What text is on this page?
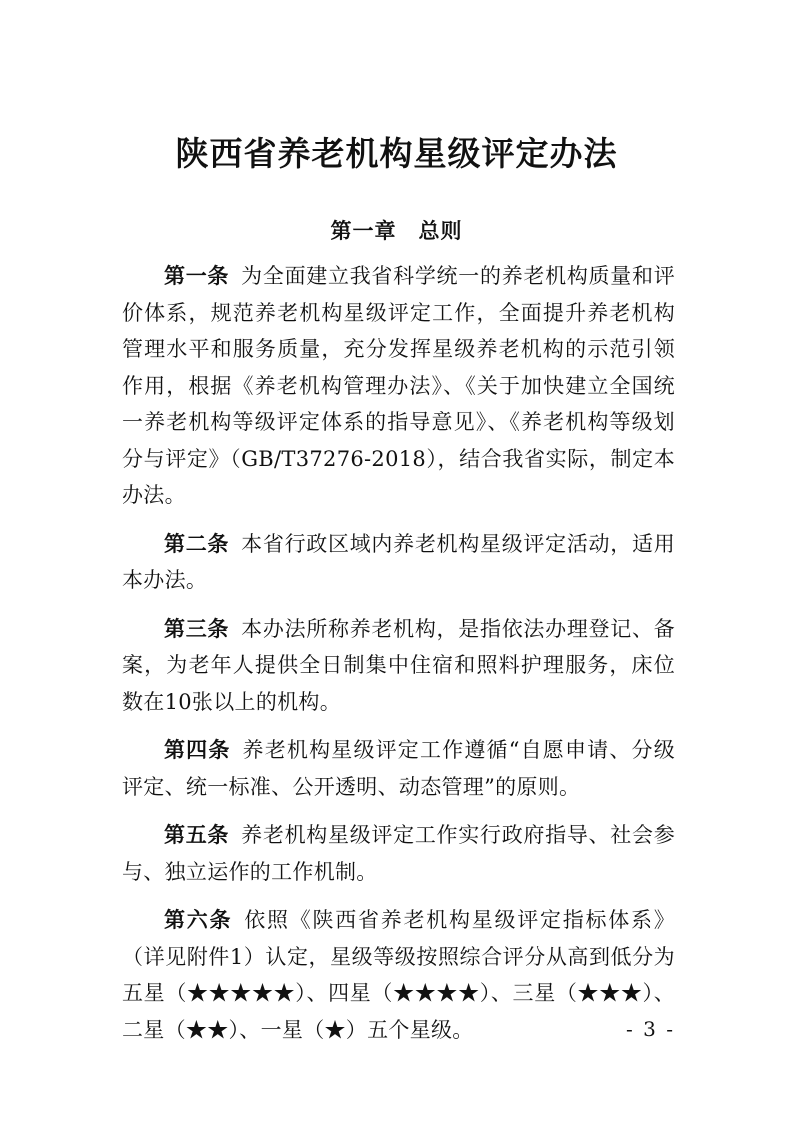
陕西省养老机构星级评定办法
第一章　总则

第一条 为全面建立我省科学统一的养老机构质量和评价体系，规范养老机构星级评定工作，全面提升养老机构管理水平和服务质量，充分发挥星级养老机构的示范引领作用，根据《养老机构管理办法》、《关于加快建立全国统一养老机构等级评定体系的指导意见》、《养老机构等级划分与评定》（GB/T37276-2018），结合我省实际，制定本办法。

第二条 本省行政区域内养老机构星级评定活动，适用本办法。

第三条 本办法所称养老机构，是指依法办理登记、备案，为老年人提供全日制集中住宿和照料护理服务，床位数在10张以上的机构。

第四条 养老机构星级评定工作遵循“自愿申请、分级评定、统一标准、公开透明、动态管理”的原则。

第五条 养老机构星级评定工作实行政府指导、社会参与、独立运作的工作机制。

第六条 依照《陕西省养老机构星级评定指标体系》（详见附件1）认定，星级等级按照综合评分从高到低分为五星（★★★★★）、四星（★★★★）、三星（★★★）、二星（★★）、一星（★）五个星级。	- 3 -
